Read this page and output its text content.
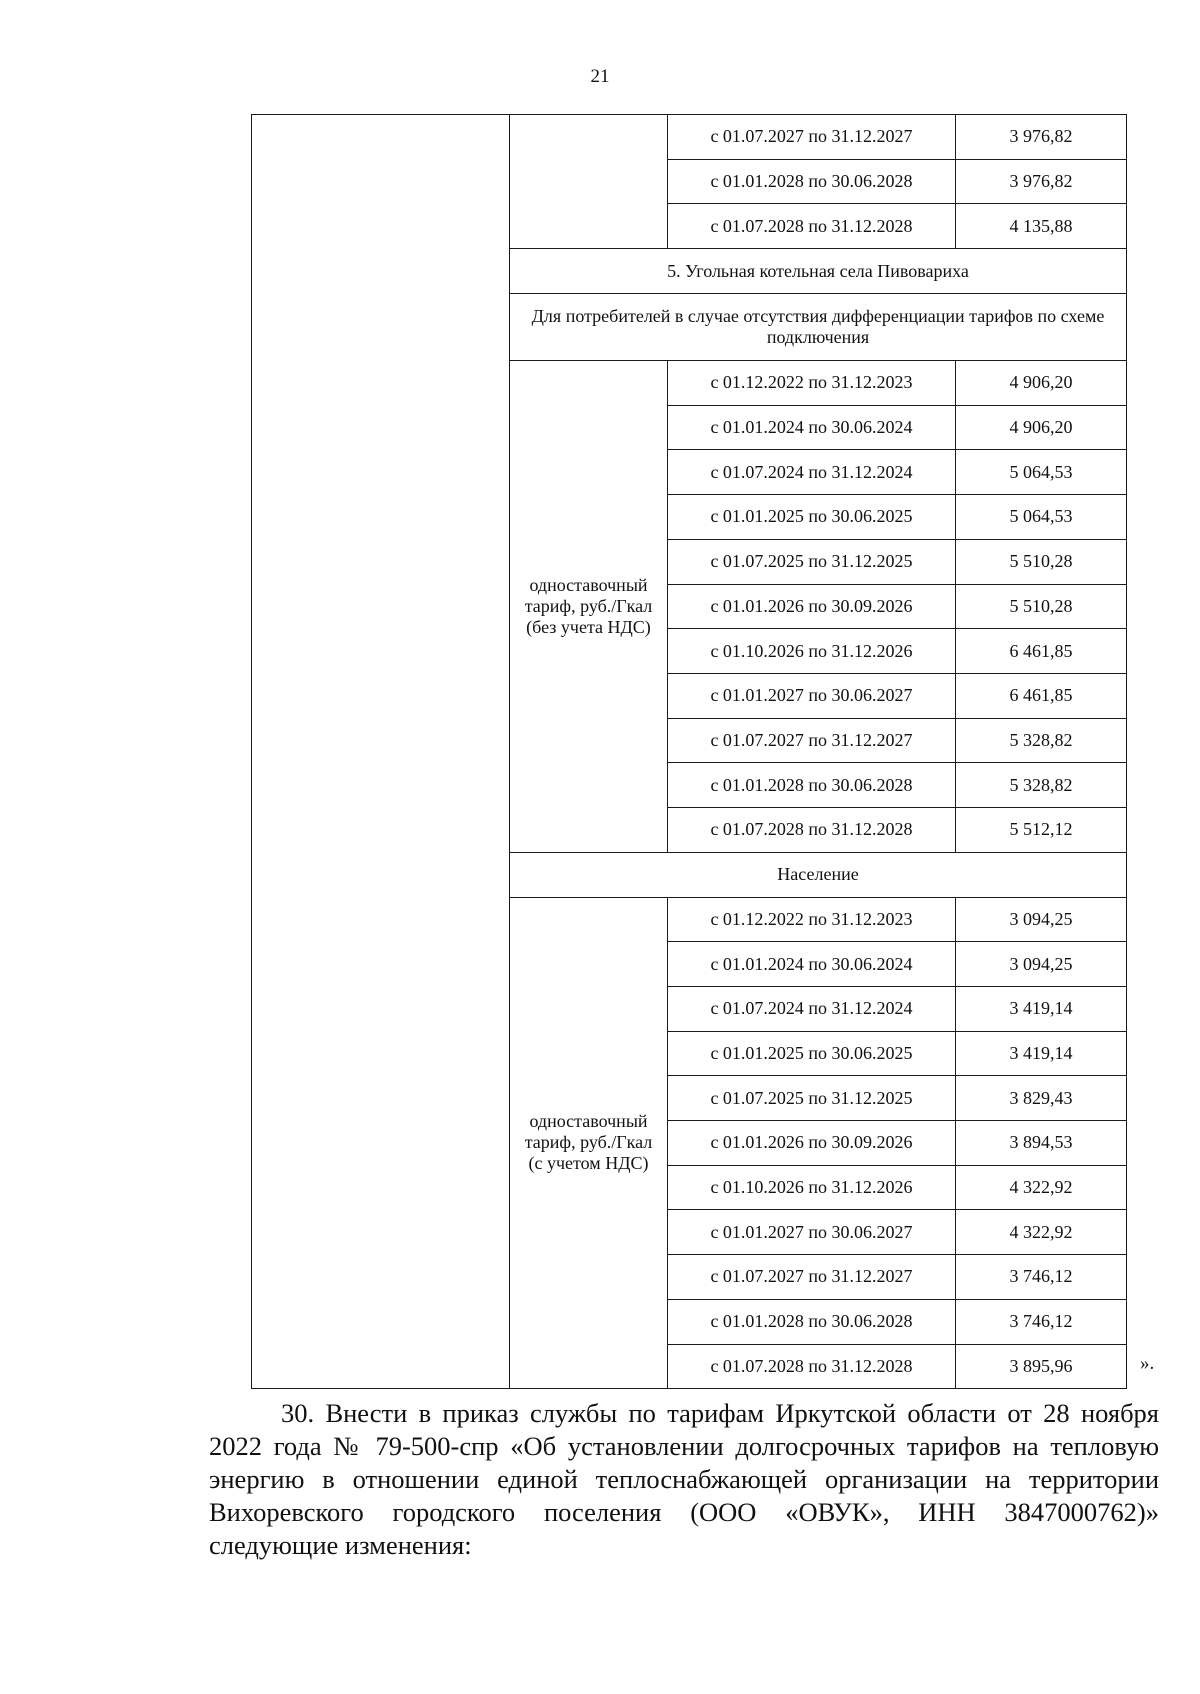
21
		с 01.07.2027 по 31.12.2027	3 976,82
		с 01.01.2028 по 30.06.2028	3 976,82
		с 01.07.2028 по 31.12.2028	4 135,88
	5. Угольная котельная села Пивовариха		
	Для потребителей в случае отсутствия дифференциации тарифов по схеме подключения		
	одноставочный тариф, руб./Гкал (без учета НДС)	с 01.12.2022 по 31.12.2023	4 906,20
		с 01.01.2024 по 30.06.2024	4 906,20
		с 01.07.2024 по 31.12.2024	5 064,53
		с 01.01.2025 по 30.06.2025	5 064,53
		с 01.07.2025 по 31.12.2025	5 510,28
		с 01.01.2026 по 30.09.2026	5 510,28
		с 01.10.2026 по 31.12.2026	6 461,85
		с 01.01.2027 по 30.06.2027	6 461,85
		с 01.07.2027 по 31.12.2027	5 328,82
		с 01.01.2028 по 30.06.2028	5 328,82
		с 01.07.2028 по 31.12.2028	5 512,12
	Население		
	одноставочный тариф, руб./Гкал (с учетом НДС)	с 01.12.2022 по 31.12.2023	3 094,25
		с 01.01.2024 по 30.06.2024	3 094,25
		с 01.07.2024 по 31.12.2024	3 419,14
		с 01.01.2025 по 30.06.2025	3 419,14
		с 01.07.2025 по 31.12.2025	3 829,43
		с 01.01.2026 по 30.09.2026	3 894,53
		с 01.10.2026 по 31.12.2026	4 322,92
		с 01.01.2027 по 30.06.2027	4 322,92
		с 01.07.2027 по 31.12.2027	3 746,12
		с 01.01.2028 по 30.06.2028	3 746,12
		с 01.07.2028 по 31.12.2028	3 895,96	».
30. Внести в приказ службы по тарифам Иркутской области от 28 ноября 2022 года № 79-500-спр «Об установлении долгосрочных тарифов на тепловую энергию в отношении единой теплоснабжающей организации на территории Вихоревского городского поселения (ООО «ОВУК», ИНН 3847000762)» следующие изменения:
